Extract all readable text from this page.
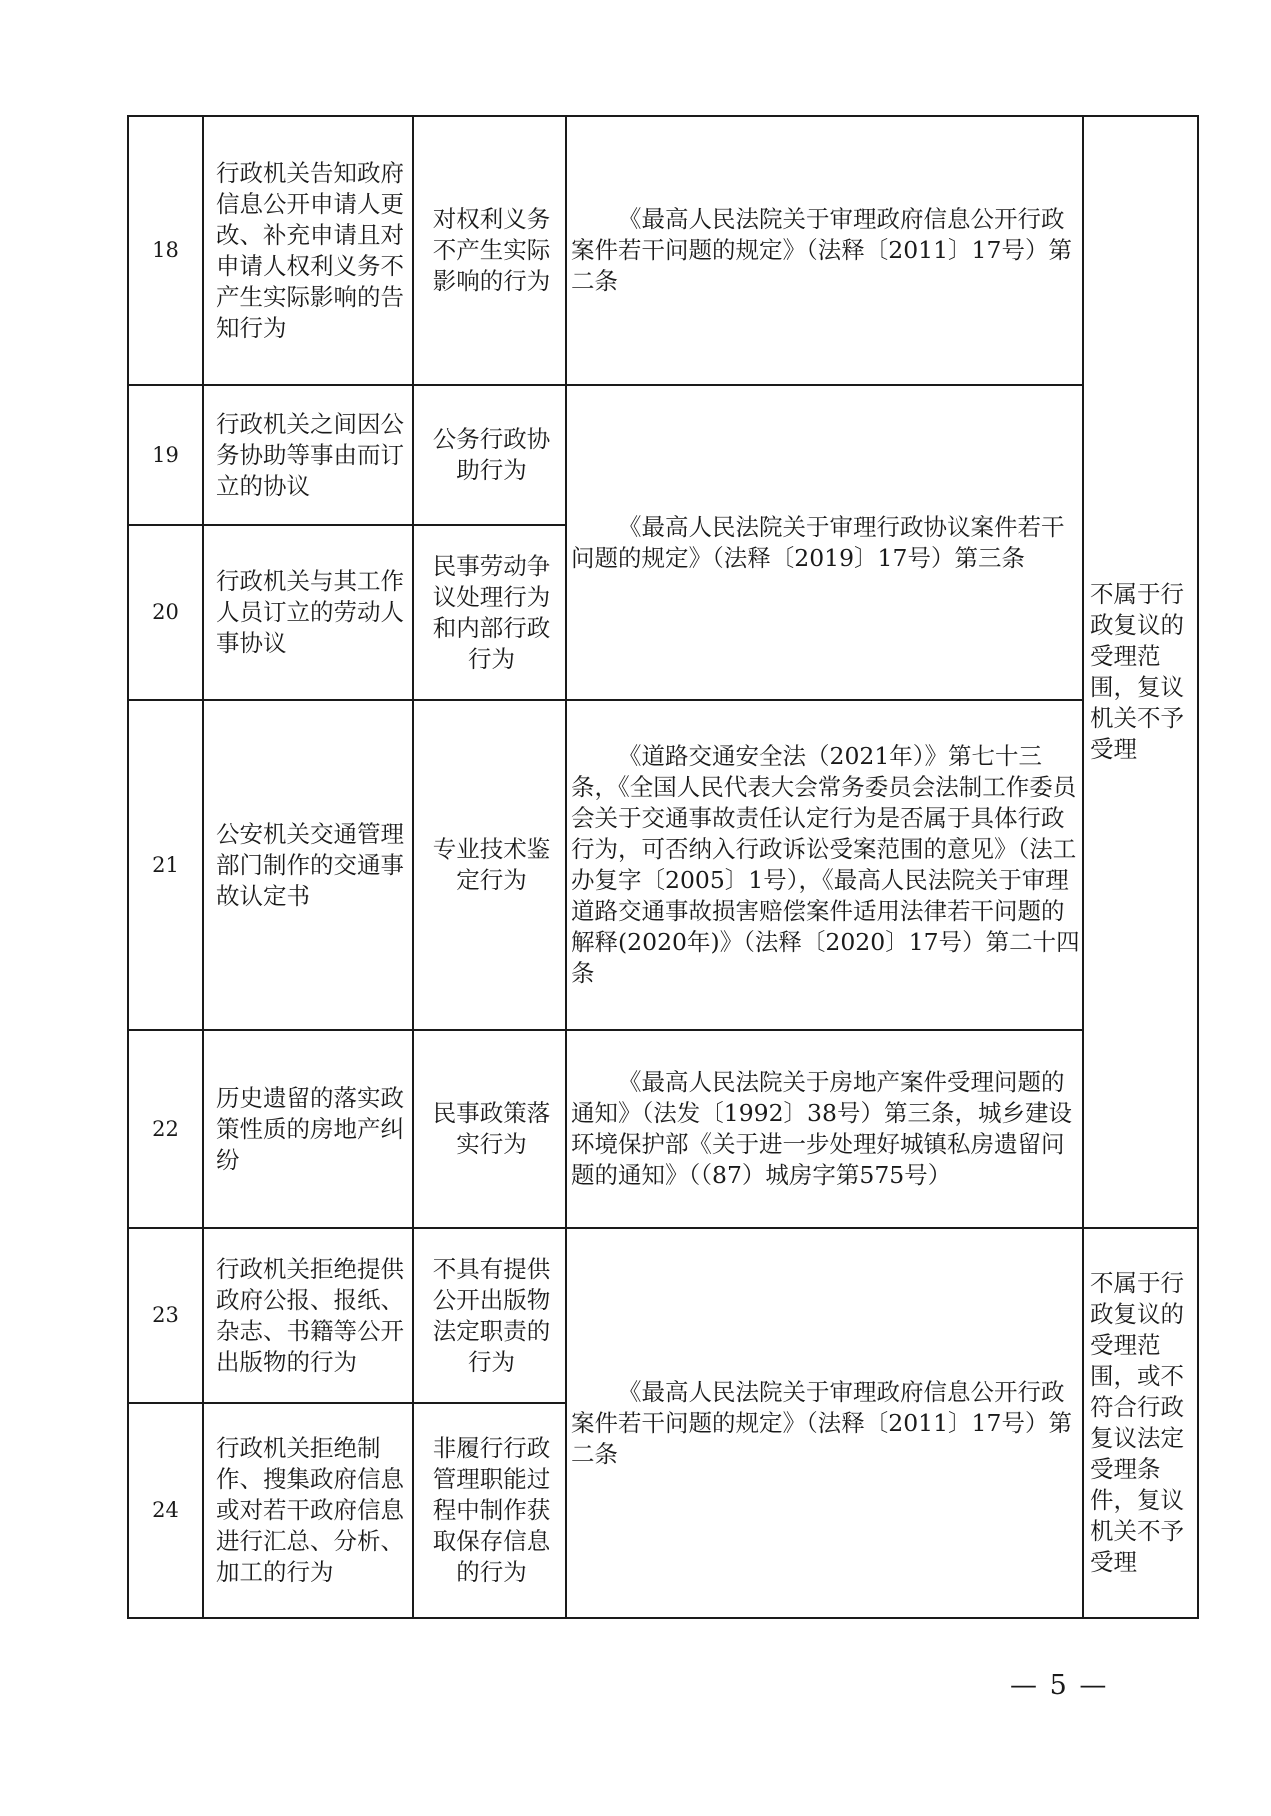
18	行政机关告知政府信息公开申请人更改、补充申请且对申请人权利义务不产生实际影响的告知行为	对权利义务不产生实际影响的行为	《最高人民法院关于审理政府信息公开行政案件若干问题的规定》（法释〔2011〕17号）第二条	不属于行政复议的受理范围，复议机关不予受理
19	行政机关之间因公务协助等事由而订立的协议	公务行政协助行为	《最高人民法院关于审理行政协议案件若干问题的规定》（法释〔2019〕17号）第三条	
20	行政机关与其工作人员订立的劳动人事协议	民事劳动争议处理行为和内部行政行为		
21	公安机关交通管理部门制作的交通事故认定书	专业技术鉴定行为	《道路交通安全法（2021年）》第七十三条，《全国人民代表大会常务委员会法制工作委员会关于交通事故责任认定行为是否属于具体行政行为，可否纳入行政诉讼受案范围的意见》（法工办复字〔2005〕1号），《最高人民法院关于审理道路交通事故损害赔偿案件适用法律若干问题的解释(2020年)》（法释〔2020〕17号）第二十四条	
22	历史遗留的落实政策性质的房地产纠纷	民事政策落实行为	《最高人民法院关于房地产案件受理问题的通知》（法发〔1992〕38号）第三条，城乡建设环境保护部《关于进一步处理好城镇私房遗留问题的通知》（（87）城房字第575号）	
23	行政机关拒绝提供政府公报、报纸、杂志、书籍等公开出版物的行为	不具有提供公开出版物法定职责的行为	《最高人民法院关于审理政府信息公开行政案件若干问题的规定》（法释〔2011〕17号）第二条	不属于行政复议的受理范围，或不符合行政复议法定受理条件，复议机关不予受理
24	行政机关拒绝制作、搜集政府信息或对若干政府信息进行汇总、分析、加工的行为	非履行行政管理职能过程中制作获取保存信息的行为		
— 5 —
